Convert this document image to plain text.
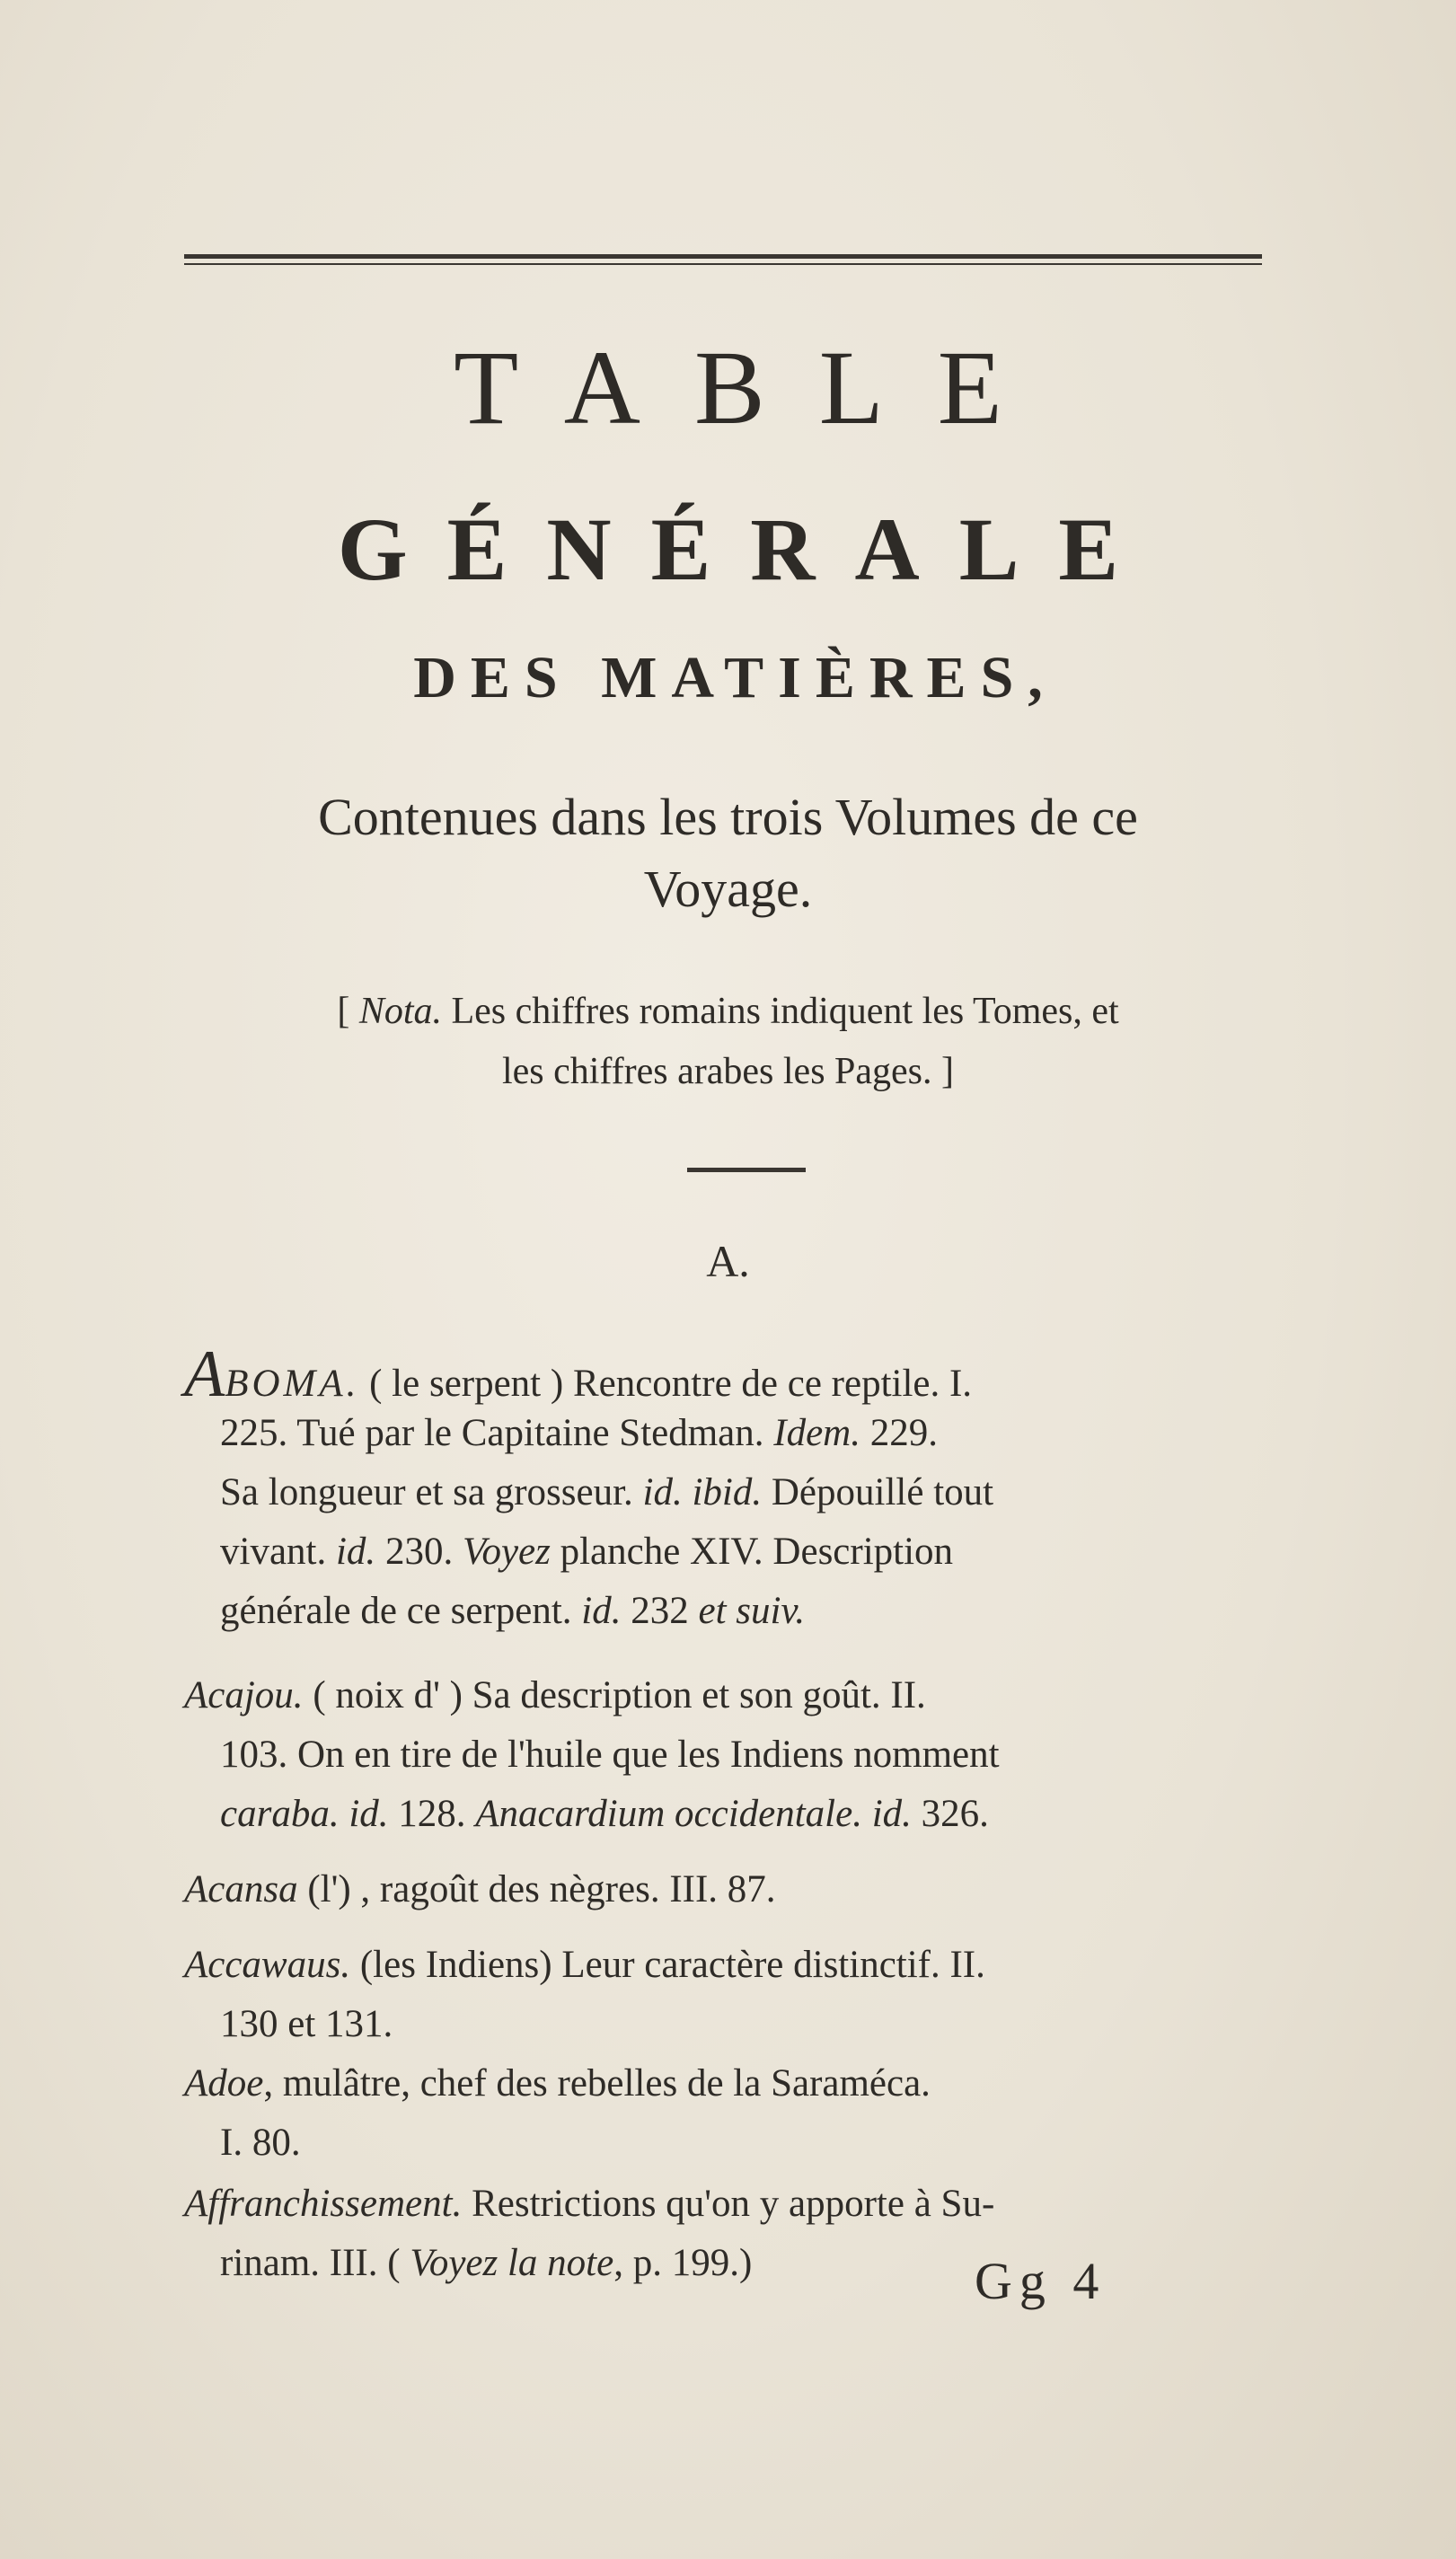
TABLE
GÉNÉRALE
DES MATIÈRES,
Contenues dans les trois Volumes de ce
Voyage.
[ Nota. Les chiffres romains indiquent les Tomes, et
les chiffres arabes les Pages. ]
A.
ABOMA. ( le serpent ) Rencontre de ce reptile. I.
225. Tué par le Capitaine Stedman. Idem. 229.
Sa longueur et sa grosseur. id. ibid. Dépouillé tout
vivant. id. 230. Voyez planche XIV. Description
générale de ce serpent. id. 232 et suiv.
Acajou. ( noix d' ) Sa description et son goût. II.
103. On en tire de l'huile que les Indiens nomment
caraba. id. 128. Anacardium occidentale. id. 326.
Acansa (l') , ragoût des nègres. III. 87.
Accawaus. (les Indiens) Leur caractère distinctif. II.
130 et 131.
Adoe, mulâtre, chef des rebelles de la Saraméca.
I. 80.
Affranchissement. Restrictions qu'on y apporte à Su-
rinam. III. ( Voyez la note, p. 199.)	Gg 4
